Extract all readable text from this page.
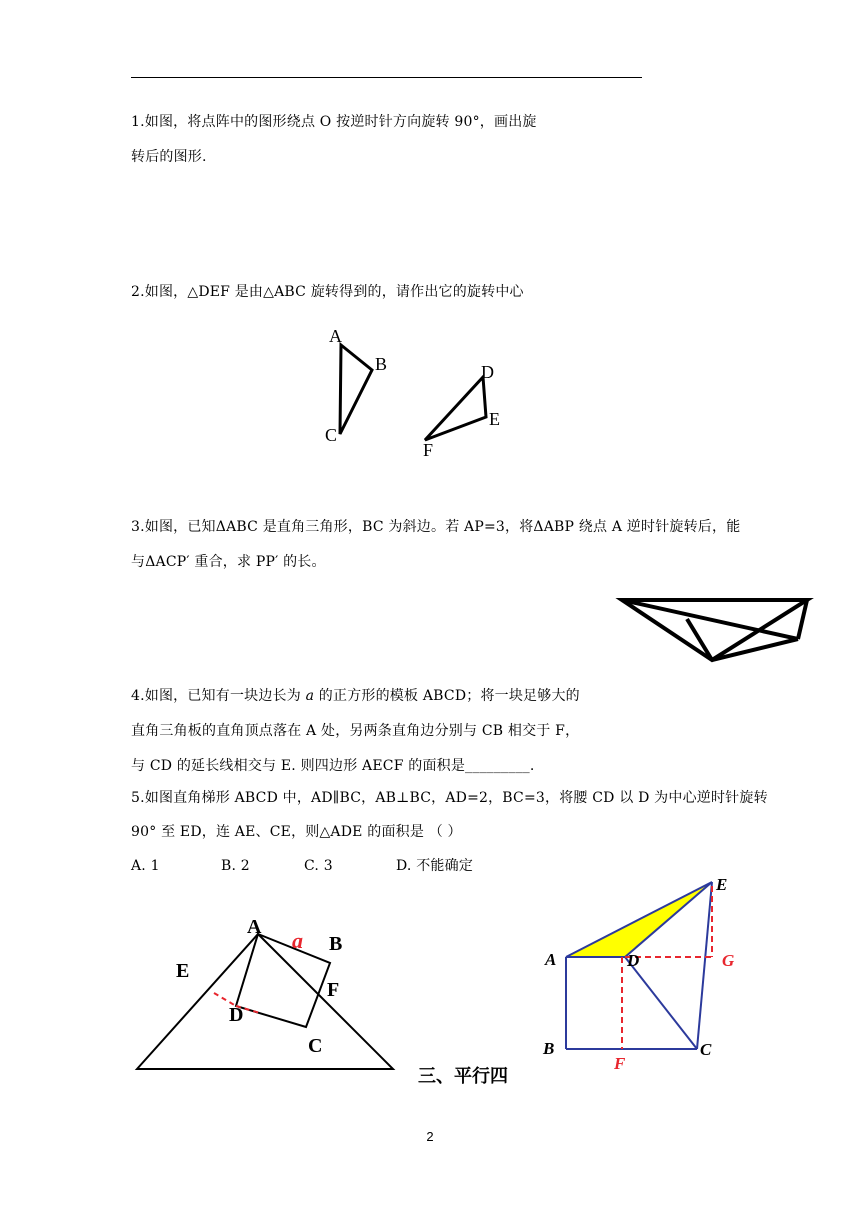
1.如图，将点阵中的图形绕点 O 按逆时针方向旋转 90°，画出旋
转后的图形.
2.如图，△DEF 是由△ABC 旋转得到的，请作出它的旋转中心
A
B
C
D
E
F
3.如图，已知ΔABC 是直角三角形，BC 为斜边。若 AP=3，将ΔABP 绕点 A 逆时针旋转后，能
与ΔACP′ 重合，求 PP′ 的长。
4.如图，已知有一块边长为 a 的正方形的模板 ABCD；将一块足够大的
直角三角板的直角顶点落在 A 处，另两条直角边分别与 CB 相交于 F，
与 CD 的延长线相交与 E. 则四边形 AECF 的面积是_________.
5.如图直角梯形 ABCD 中，AD∥BC，AB⊥BC，AD=2，BC=3，将腰 CD 以 D 为中心逆时针旋转
90° 至 ED，连 AE、CE，则△ADE 的面积是 （ ）
A. 1	B. 2	C. 3	D. 不能确定
A
a B
E
F
D
C
三、平行四
E
A	D	G
B
F
C
2
